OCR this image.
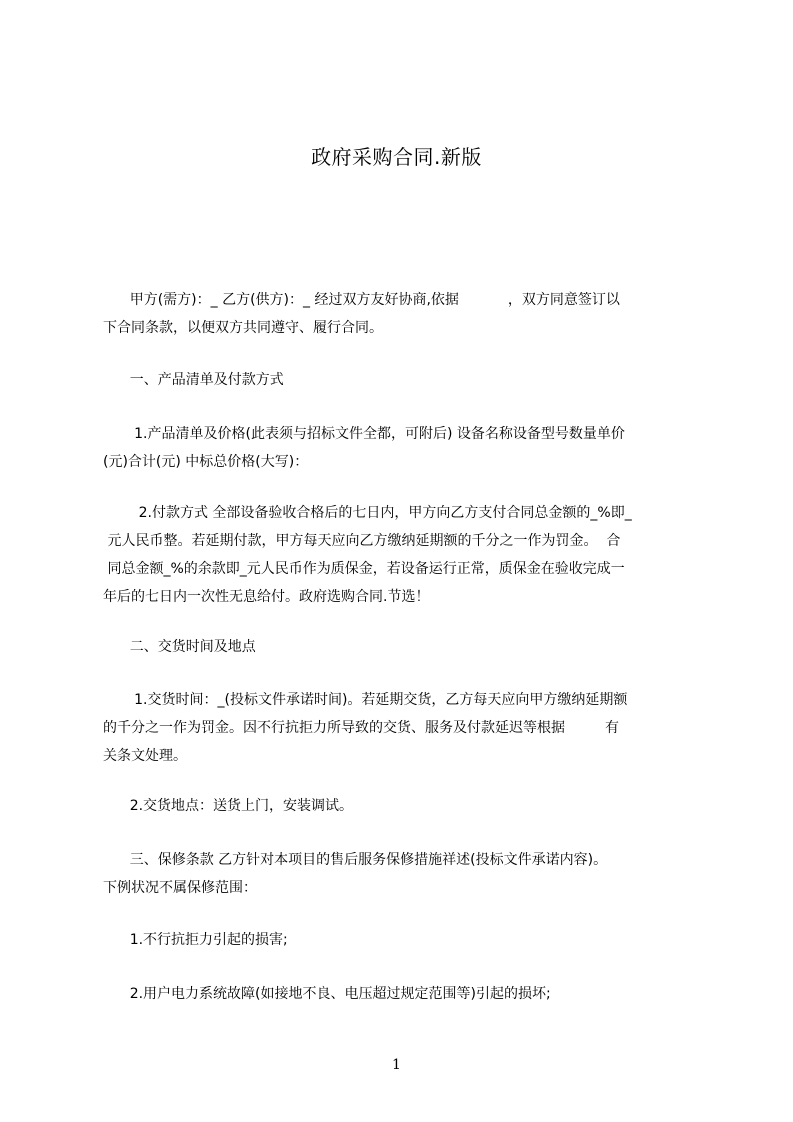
政府采购合同.新版
甲方(需方)：_ 乙方(供方)：_ 经过双方友好协商,依据           ，双方同意签订以
下合同条款，以便双方共同遵守、履行合同。
一、产品清单及付款方式
1.产品清单及价格(此表须与招标文件全都，可附后) 设备名称设备型号数量单价
(元)合计(元) 中标总价格(大写)：
2.付款方式 全部设备验收合格后的七日内，甲方向乙方支付合同总金额的_%即_
元人民币整。若延期付款，甲方每天应向乙方缴纳延期额的千分之一作为罚金。  合
同总金额_%的余款即_元人民币作为质保金，若设备运行正常，质保金在验收完成一
年后的七日内一次性无息给付。政府选购合同.节选！
二、交货时间及地点
1.交货时间：_(投标文件承诺时间)。若延期交货，乙方每天应向甲方缴纳延期额
的千分之一作为罚金。因不行抗拒力所导致的交货、服务及付款延迟等根据         有
关条文处理。
2.交货地点：送货上门，安装调试。
三、保修条款 乙方针对本项目的售后服务保修措施祥述(投标文件承诺内容)。
下例状况不属保修范围：
1.不行抗拒力引起的损害;
2.用户电力系统故障(如接地不良、电压超过规定范围等)引起的损坏;
1
